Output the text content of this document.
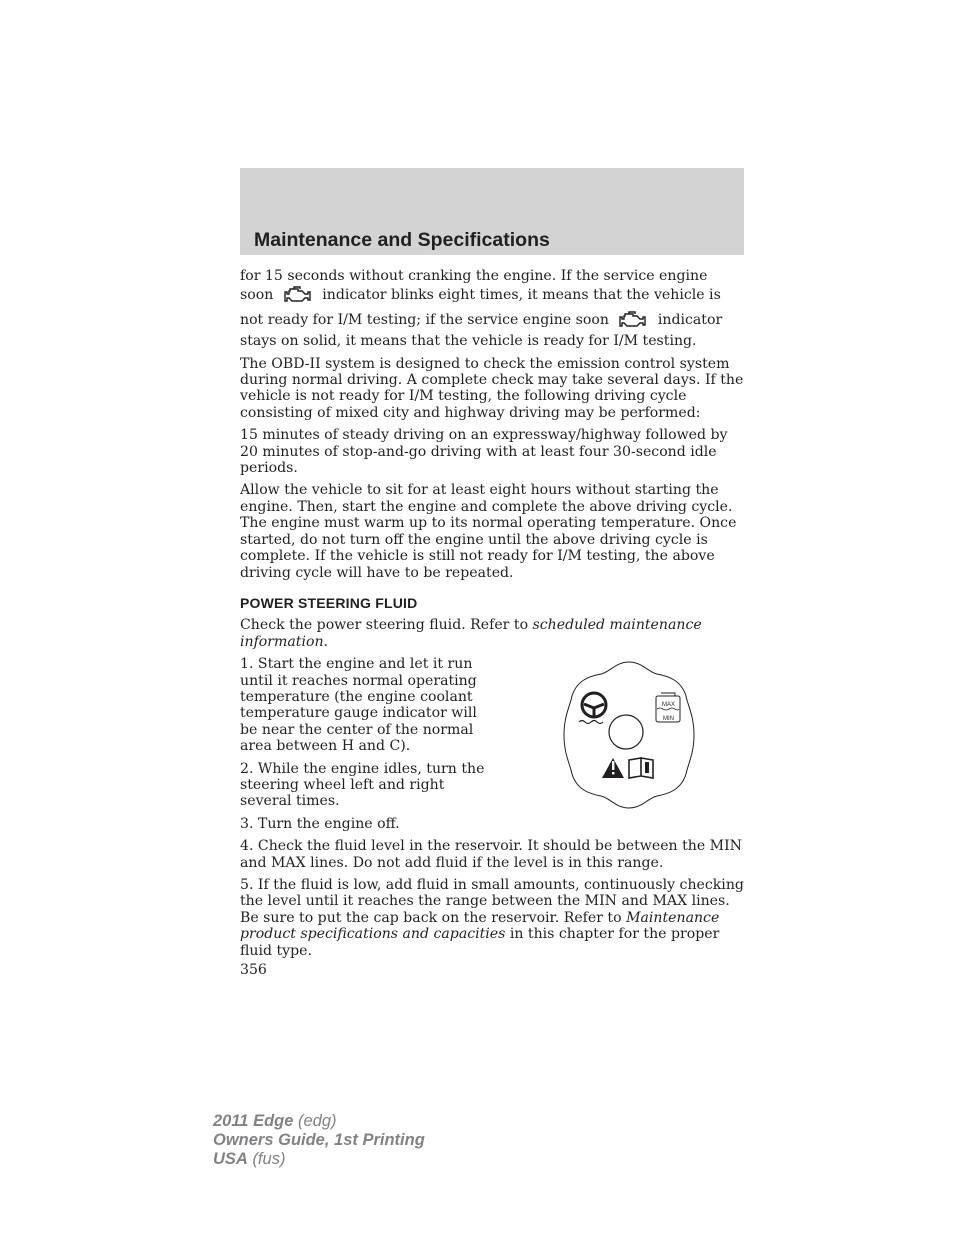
Maintenance and Specifications

for 15 seconds without cranking the engine. If the service engine soon	indicator blinks eight times, it means that the vehicle is not ready for I/M testing; if the service engine soon	indicator stays on solid, it means that the vehicle is ready for I/M testing.

The OBD-II system is designed to check the emission control system during normal driving. A complete check may take several days. If the vehicle is not ready for I/M testing, the following driving cycle consisting of mixed city and highway driving may be performed:

15 minutes of steady driving on an expressway/highway followed by 20 minutes of stop-and-go driving with at least four 30-second idle periods.

Allow the vehicle to sit for at least eight hours without starting the engine. Then, start the engine and complete the above driving cycle. The engine must warm up to its normal operating temperature. Once started, do not turn off the engine until the above driving cycle is complete. If the vehicle is still not ready for I/M testing, the above driving cycle will have to be repeated.

POWER STEERING FLUID

Check the power steering fluid. Refer to scheduled maintenance information.

1. Start the engine and let it run until it reaches normal operating temperature (the engine coolant temperature gauge indicator will be near the center of the normal area between H and C).

2. While the engine idles, turn the steering wheel left and right several times.

3. Turn the engine off.

4. Check the fluid level in the reservoir. It should be between the MIN and MAX lines. Do not add fluid if the level is in this range.

5. If the fluid is low, add fluid in small amounts, continuously checking the level until it reaches the range between the MIN and MAX lines. Be sure to put the cap back on the reservoir. Refer to Maintenance product specifications and capacities in this chapter for the proper fluid type.

MAX
MIN
356
2011 Edge (edg)
Owners Guide, 1st Printing
USA (fus)
